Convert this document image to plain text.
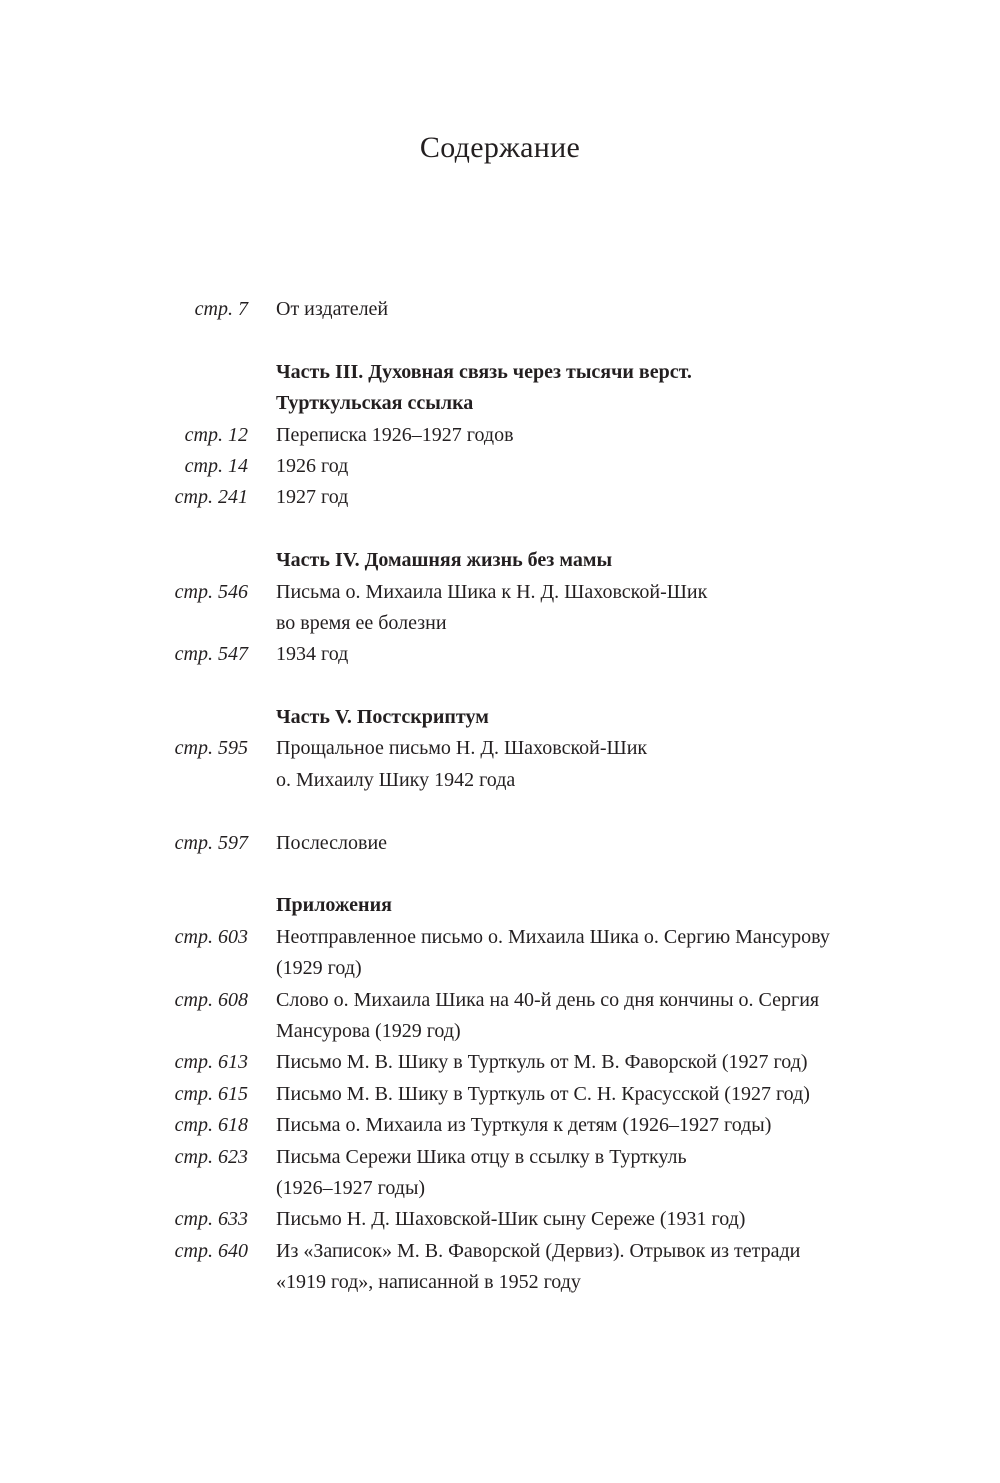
Содержание
стр. 7 От издателей
Часть III. Духовная связь через тысячи верст.
Турткульская ссылка
стр. 12 Переписка 1926–1927 годов
стр. 14 1926 год
стр. 241 1927 год
Часть IV. Домашняя жизнь без мамы
стр. 546 Письма о. Михаила Шика к Н. Д. Шаховской-Шик
во время ее болезни
стр. 547 1934 год
Часть V. Постскриптум
стр. 595 Прощальное письмо Н. Д. Шаховской-Шик
о. Михаилу Шику 1942 года
стр. 597 Послесловие
Приложения
стр. 603 Неотправленное письмо о. Михаила Шика о. Сергию Мансурову
(1929 год)
стр. 608 Слово о. Михаила Шика на 40-й день со дня кончины о. Сергия
Мансурова (1929 год)
стр. 613 Письмо М. В. Шику в Турткуль от М. В. Фаворской (1927 год)
стр. 615 Письмо М. В. Шику в Турткуль от С. Н. Красусской (1927 год)
стр. 618 Письма о. Михаила из Турткуля к детям (1926–1927 годы)
стр. 623 Письма Сережи Шика отцу в ссылку в Турткуль
(1926–1927 годы)
стр. 633 Письмо Н. Д. Шаховской-Шик сыну Сереже (1931 год)
стр. 640 Из «Записок» М. В. Фаворской (Дервиз). Отрывок из тетради
«1919 год», написанной в 1952 году
